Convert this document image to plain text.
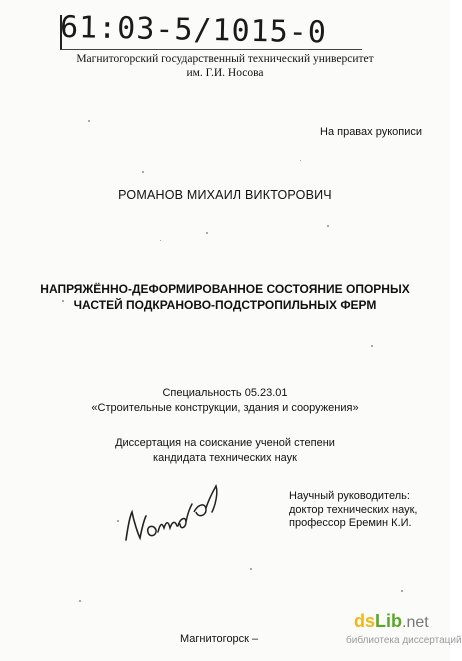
61:03-5/1015-0
Магнитогорский государственный технический университет
им. Г.И. Носова
На правах рукописи
РОМАНОВ МИХАИЛ ВИКТОРОВИЧ
НАПРЯЖЁННО-ДЕФОРМИРОВАННОЕ СОСТОЯНИЕ ОПОРНЫХ
ЧАСТЕЙ ПОДКРАНОВО-ПОДСТРОПИЛЬНЫХ ФЕРМ
Специальность 05.23.01
«Строительные конструкции, здания и сооружения»
Диссертация на соискание ученой степени
кандидата технических наук
Научный руководитель:
доктор технических наук,
профессор Еремин К.И.
Магнитогорск –
dsLib.net
библиотека диссертаций
